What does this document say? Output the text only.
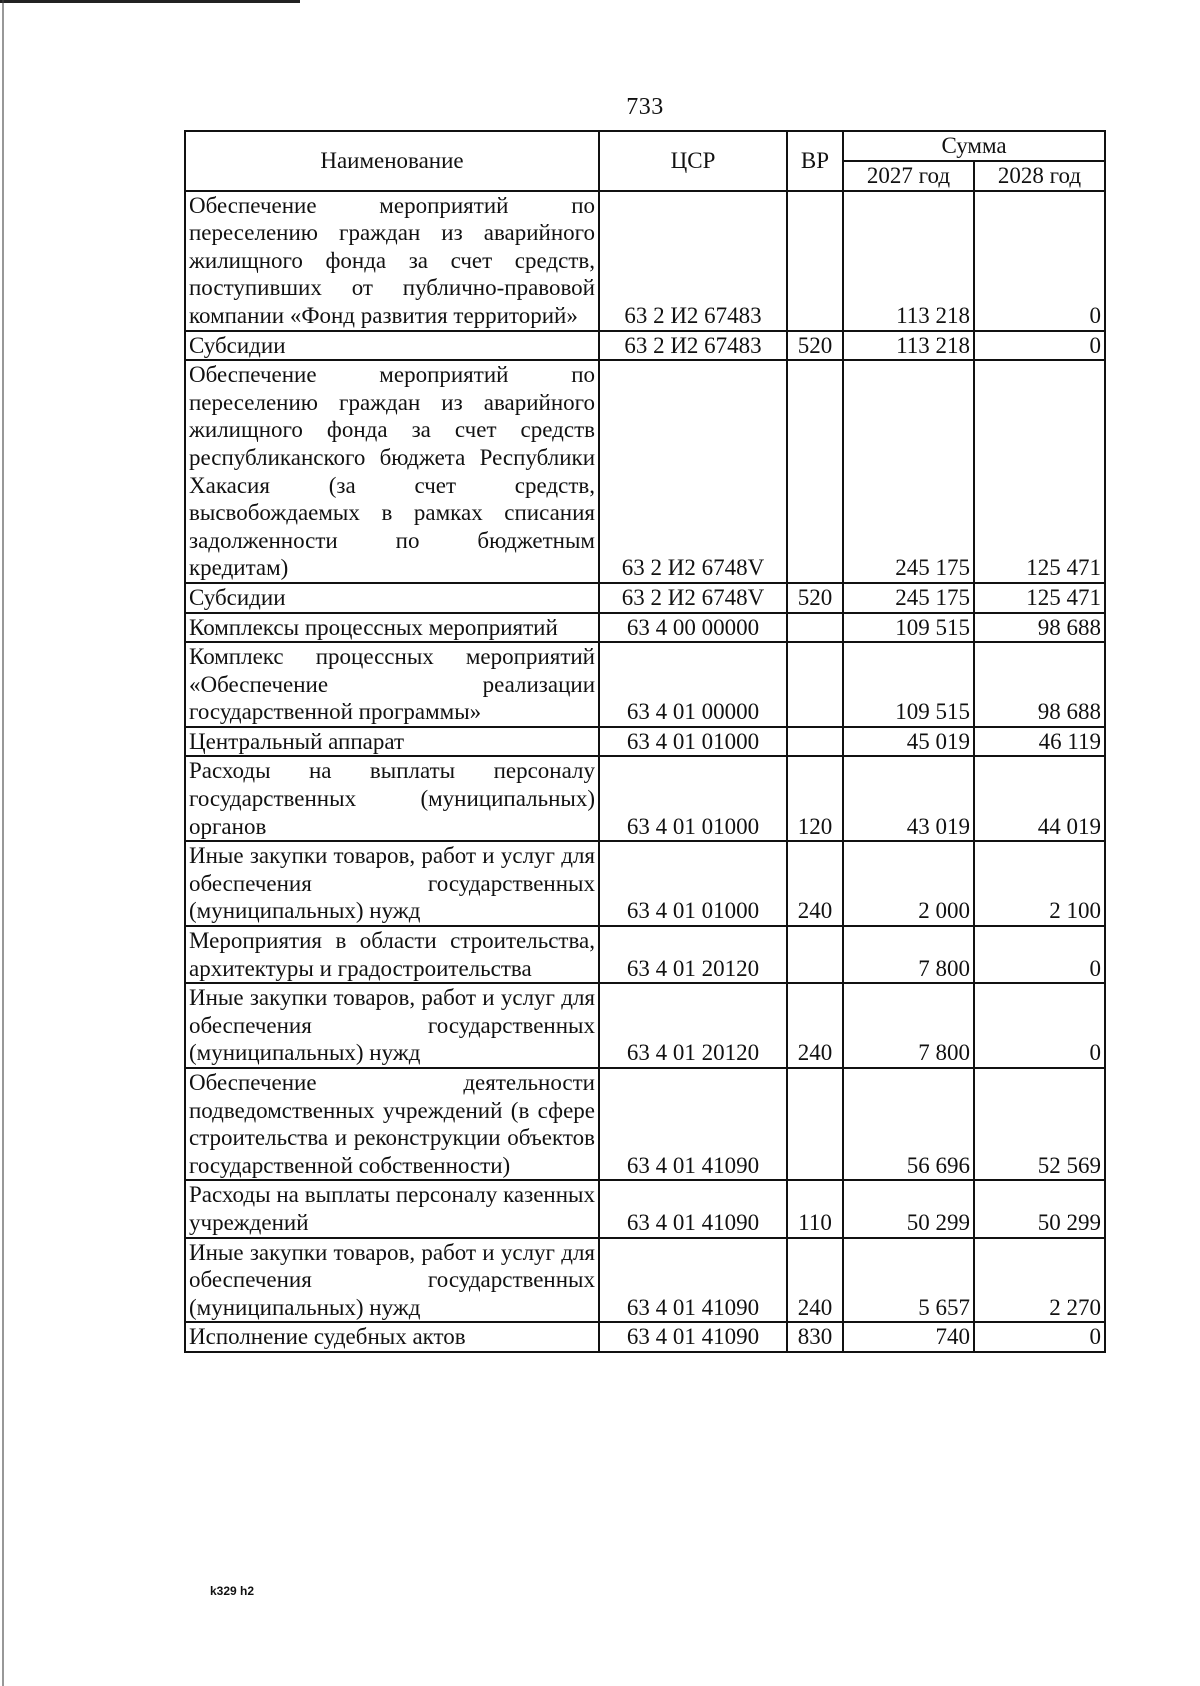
733
Наименование	ЦСР	ВР	Сумма	
			2027 год	2028 год
Обеспечение мероприятий по переселению граждан из аварийного жилищного фонда за счет средств, поступивших от публично-правовой компании «Фонд развития территорий»	63 2 И2 67483		113 218	0
Субсидии	63 2 И2 67483	520	113 218	0
Обеспечение мероприятий по переселению граждан из аварийного жилищного фонда за счет средств республиканского бюджета Республики Хакасия (за счет средств, высвобождаемых в рамках списания задолженности по бюджетным кредитам)	63 2 И2 6748V		245 175	125 471
Субсидии	63 2 И2 6748V	520	245 175	125 471
Комплексы процессных мероприятий	63 4 00 00000		109 515	98 688
Комплекс процессных мероприятий «Обеспечение реализации государственной программы»	63 4 01 00000		109 515	98 688
Центральный аппарат	63 4 01 01000		45 019	46 119
Расходы на выплаты персоналу государственных (муниципальных) органов	63 4 01 01000	120	43 019	44 019
Иные закупки товаров, работ и услуг для обеспечения государственных (муниципальных) нужд	63 4 01 01000	240	2 000	2 100
Мероприятия в области строительства, архитектуры и градостроительства	63 4 01 20120		7 800	0
Иные закупки товаров, работ и услуг для обеспечения государственных (муниципальных) нужд	63 4 01 20120	240	7 800	0
Обеспечение деятельности подведомственных учреждений (в сфере строительства и реконструкции объектов государственной собственности)	63 4 01 41090		56 696	52 569
Расходы на выплаты персоналу казенных учреждений	63 4 01 41090	110	50 299	50 299
Иные закупки товаров, работ и услуг для обеспечения государственных (муниципальных) нужд	63 4 01 41090	240	5 657	2 270
Исполнение судебных актов	63 4 01 41090	830	740	0
k329 h2
